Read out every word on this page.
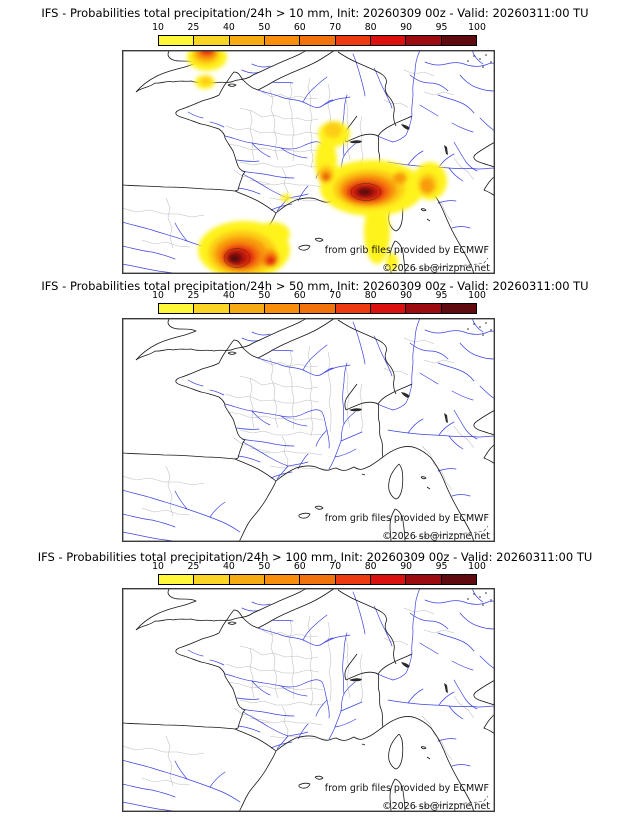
IFS - Probabilities total precipitation/24h > 10 mm, Init: 20260309 00z - Valid: 20260311:00 TU
10	25	40	50	60	70	80	90	95 100
from grib files provided by ECMWF
©2026 sb@irizpne.net
IFS - Probabilities total precipitation/24h > 50 mm, Init: 20260309 00z - Valid: 20260311:00 TU
10	25	40	50	60	70	80	90	95 100
from grib files provided by ECMWF
©2026 sb@irizpne.net
IFS - Probabilities total precipitation/24h > 100 mm, Init: 20260309 00z - Valid: 20260311:00 TU
10	25	40	50	60	70	80	90	95 100
from grib files provided by ECMWF
©2026 sb@irizpne.net
